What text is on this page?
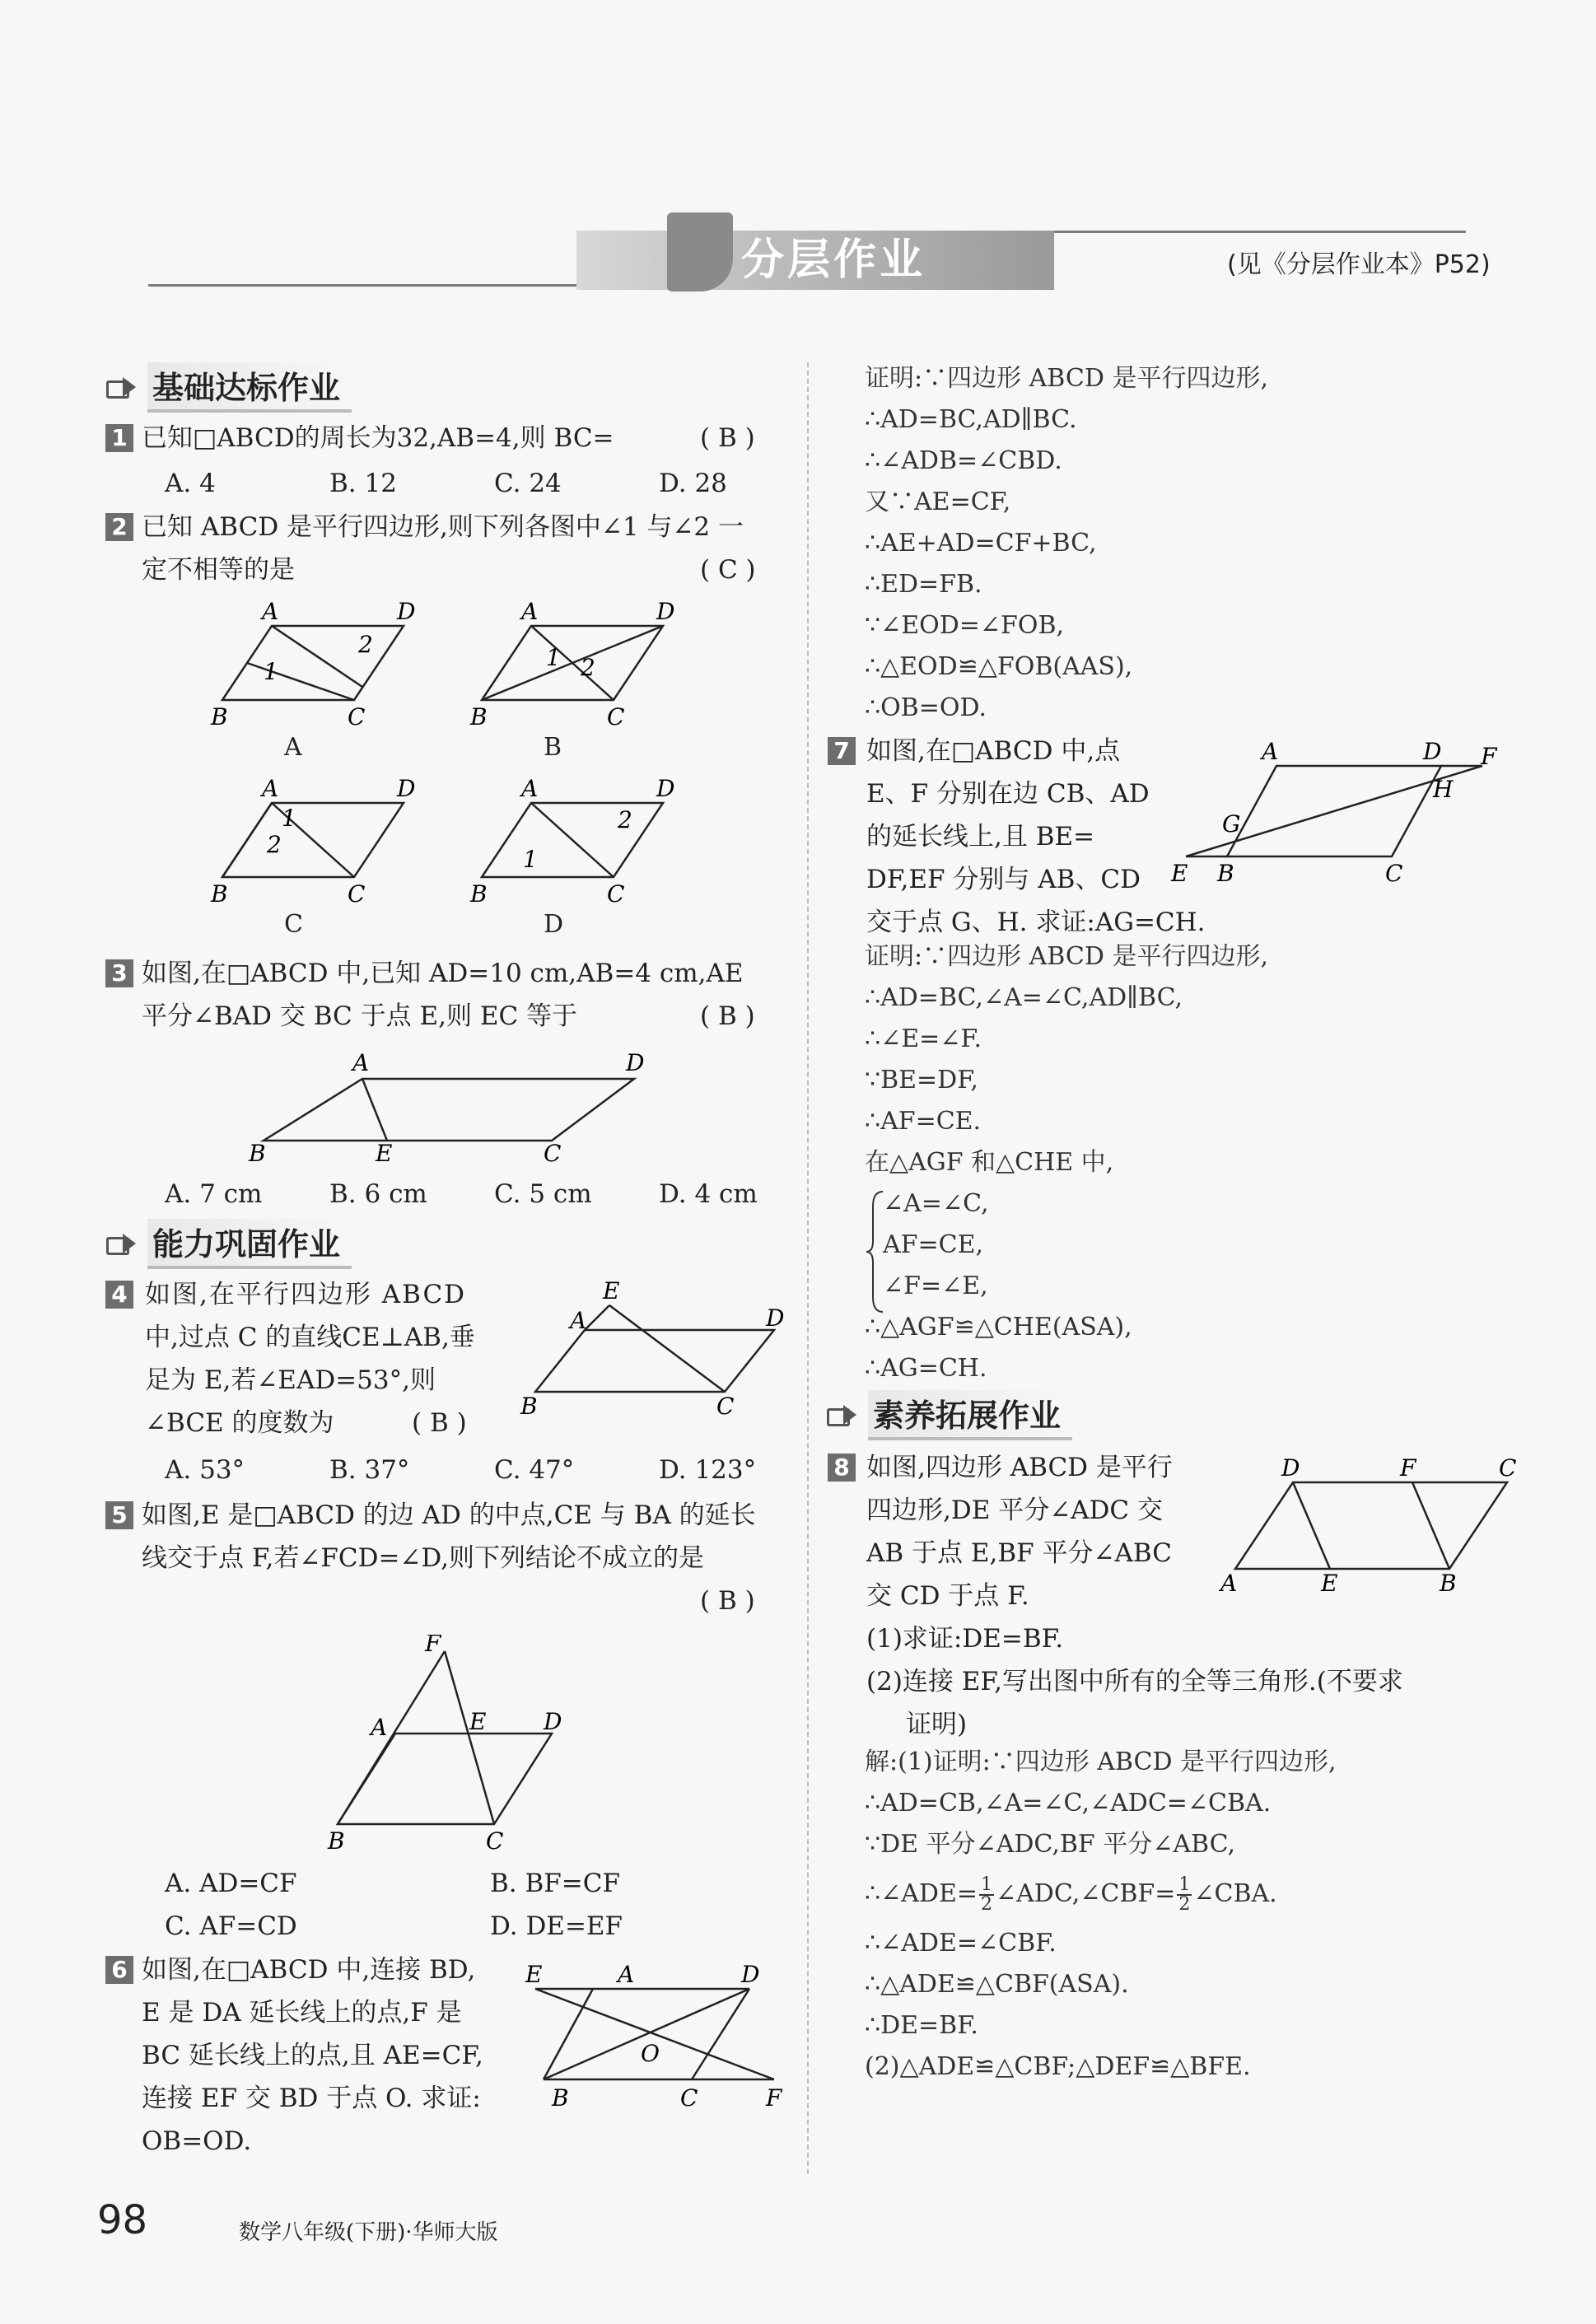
分层作业	(见《分层作业本》P52)
基础达标作业
1 已知□ABCD的周长为32,AB=4,则 BC=	( B )
A. 4	B. 12	C. 24	D. 28
2 已知 ABCD 是平行四边形,则下列各图中∠1 与∠2 一
定不相等的是	( C )
A	D
B	C
2
1
A
A	D
B	C
1 2
B
A	D
B	C
1
2
C
A	D
B	C
2
1
D
3 如图,在□ABCD 中,已知 AD=10 cm,AB=4 cm,AE
平分∠BAD 交 BC 于点 E,则 EC 等于	( B )
A	D
B	E	C
A. 7 cm	B. 6 cm	C. 5 cm	D. 4 cm
能力巩固作业
4 如图,在平行四边形 ABCD
中,过点 C 的直线CE⊥AB,垂
足为 E,若∠EAD=53°,则
∠BCE 的度数为	( B )
E
A	D
B	C
A. 53°	B. 37°	C. 47°	D. 123°
5 如图,E 是□ABCD 的边 AD 的中点,CE 与 BA 的延长
线交于点 F,若∠FCD=∠D,则下列结论不成立的是
( B )
F
A	E D
B	C
A. AD=CF	B. BF=CF
C. AF=CD	D. DE=EF
6 如图,在□ABCD 中,连接 BD,
E 是 DA 延长线上的点,F 是
BC 延长线上的点,且 AE=CF,
连接 EF 交 BD 于点 O. 求证:
OB=OD.
E	A	D
O
B	C	F
证明:∵四边形 ABCD 是平行四边形,
∴AD=BC,AD∥BC.
∴∠ADB=∠CBD.
又∵AE=CF,
∴AE+AD=CF+BC,
∴ED=FB.
∵∠EOD=∠FOB,
∴△EOD≌△FOB(AAS),
∴OB=OD.
7 如图,在□ABCD 中,点
E、F 分别在边 CB、AD
的延长线上,且 BE=
DF,EF 分别与 AB、CD
交于点 G、H. 求证:AG=CH.
A	D F
H
G
E B	C
证明:∵四边形 ABCD 是平行四边形,
∴AD=BC,∠A=∠C,AD∥BC,
∴∠E=∠F.
∵BE=DF,
∴AF=CE.
在△AGF 和△CHE 中,
∠A=∠C,
AF=CE,
∠F=∠E,
∴△AGF≌△CHE(ASA),
∴AG=CH.
素养拓展作业
8 如图,四边形 ABCD 是平行
四边形,DE 平分∠ADC 交
AB 于点 E,BF 平分∠ABC
交 CD 于点 F.
D	F	C
A	E	B
(1)求证:DE=BF.
(2)连接 EF,写出图中所有的全等三角形.(不要求
证明)
解:(1)证明:∵四边形 ABCD 是平行四边形,
∴AD=CB,∠A=∠C,∠ADC=∠CBA.
∵DE 平分∠ADC,BF 平分∠ABC,
∴∠ADE= $\frac{1}{2}$ ∠ADC,∠CBF= $\frac{1}{2}$ ∠CBA.
∴∠ADE=∠CBF.
∴△ADE≌△CBF(ASA).
∴DE=BF.
(2)△ADE≌△CBF;△DEF≌△BFE.
98	数学八年级(下册)·华师大版
